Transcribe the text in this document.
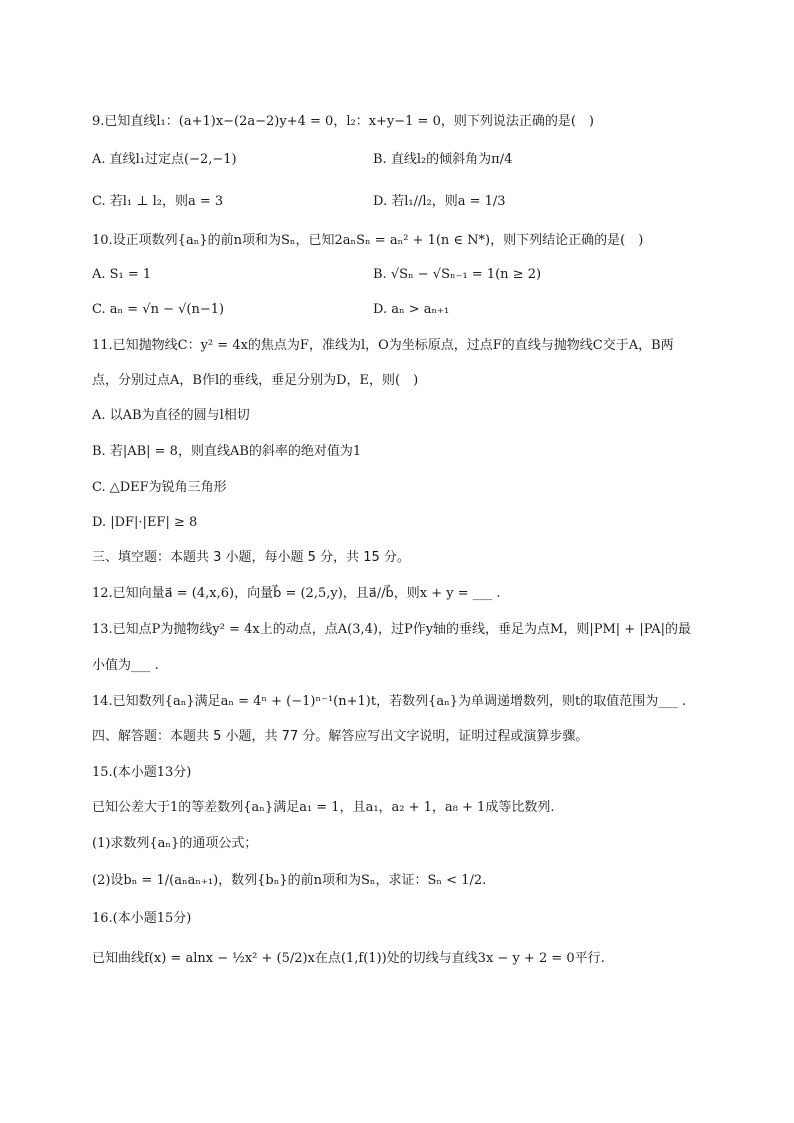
9.已知直线l₁：(a+1)x−(2a−2)y+4 = 0，l₂：x+y−1 = 0，则下列说法正确的是(　)
A. 直线l₁过定点(−2,−1)	B. 直线l₂的倾斜角为π/4
C. 若l₁ ⊥ l₂，则a = 3	D. 若l₁//l₂，则a = 1/3
10.设正项数列{aₙ}的前n项和为Sₙ，已知2aₙSₙ = aₙ² + 1(n ∈ N*)，则下列结论正确的是(　)
A. S₁ = 1	B. √Sₙ − √Sₙ₋₁ = 1(n ≥ 2)
C. aₙ = √n − √(n−1)	D. aₙ > aₙ₊₁
11.已知抛物线C：y² = 4x的焦点为F，准线为l，O为坐标原点，过点F的直线与抛物线C交于A，B两
点，分别过点A，B作l的垂线，垂足分别为D，E，则(　)
A. 以AB为直径的圆与l相切
B. 若|AB| = 8，则直线AB的斜率的绝对值为1
C. △DEF为锐角三角形
D. |DF|·|EF| ≥ 8
三、填空题：本题共 3 小题，每小题 5 分，共 15 分。
12.已知向量a⃗ = (4,x,6)，向量b⃗ = (2,5,y)，且a⃗//b⃗，则x + y = ___ .
13.已知点P为抛物线y² = 4x上的动点，点A(3,4)，过P作y轴的垂线，垂足为点M，则|PM| + |PA|的最
小值为___ .
14.已知数列{aₙ}满足aₙ = 4ⁿ + (−1)ⁿ⁻¹(n+1)t，若数列{aₙ}为单调递增数列，则t的取值范围为___ .
四、解答题：本题共 5 小题，共 77 分。解答应写出文字说明，证明过程或演算步骤。
15.(本小题13分)
已知公差大于1的等差数列{aₙ}满足a₁ = 1，且a₁，a₂ + 1，a₈ + 1成等比数列.
(1)求数列{aₙ}的通项公式；
(2)设bₙ = 1/(aₙaₙ₊₁)，数列{bₙ}的前n项和为Sₙ，求证：Sₙ < 1/2.
16.(本小题15分)
已知曲线f(x) = alnx − ½x² + (5/2)x在点(1,f(1))处的切线与直线3x − y + 2 = 0平行.
